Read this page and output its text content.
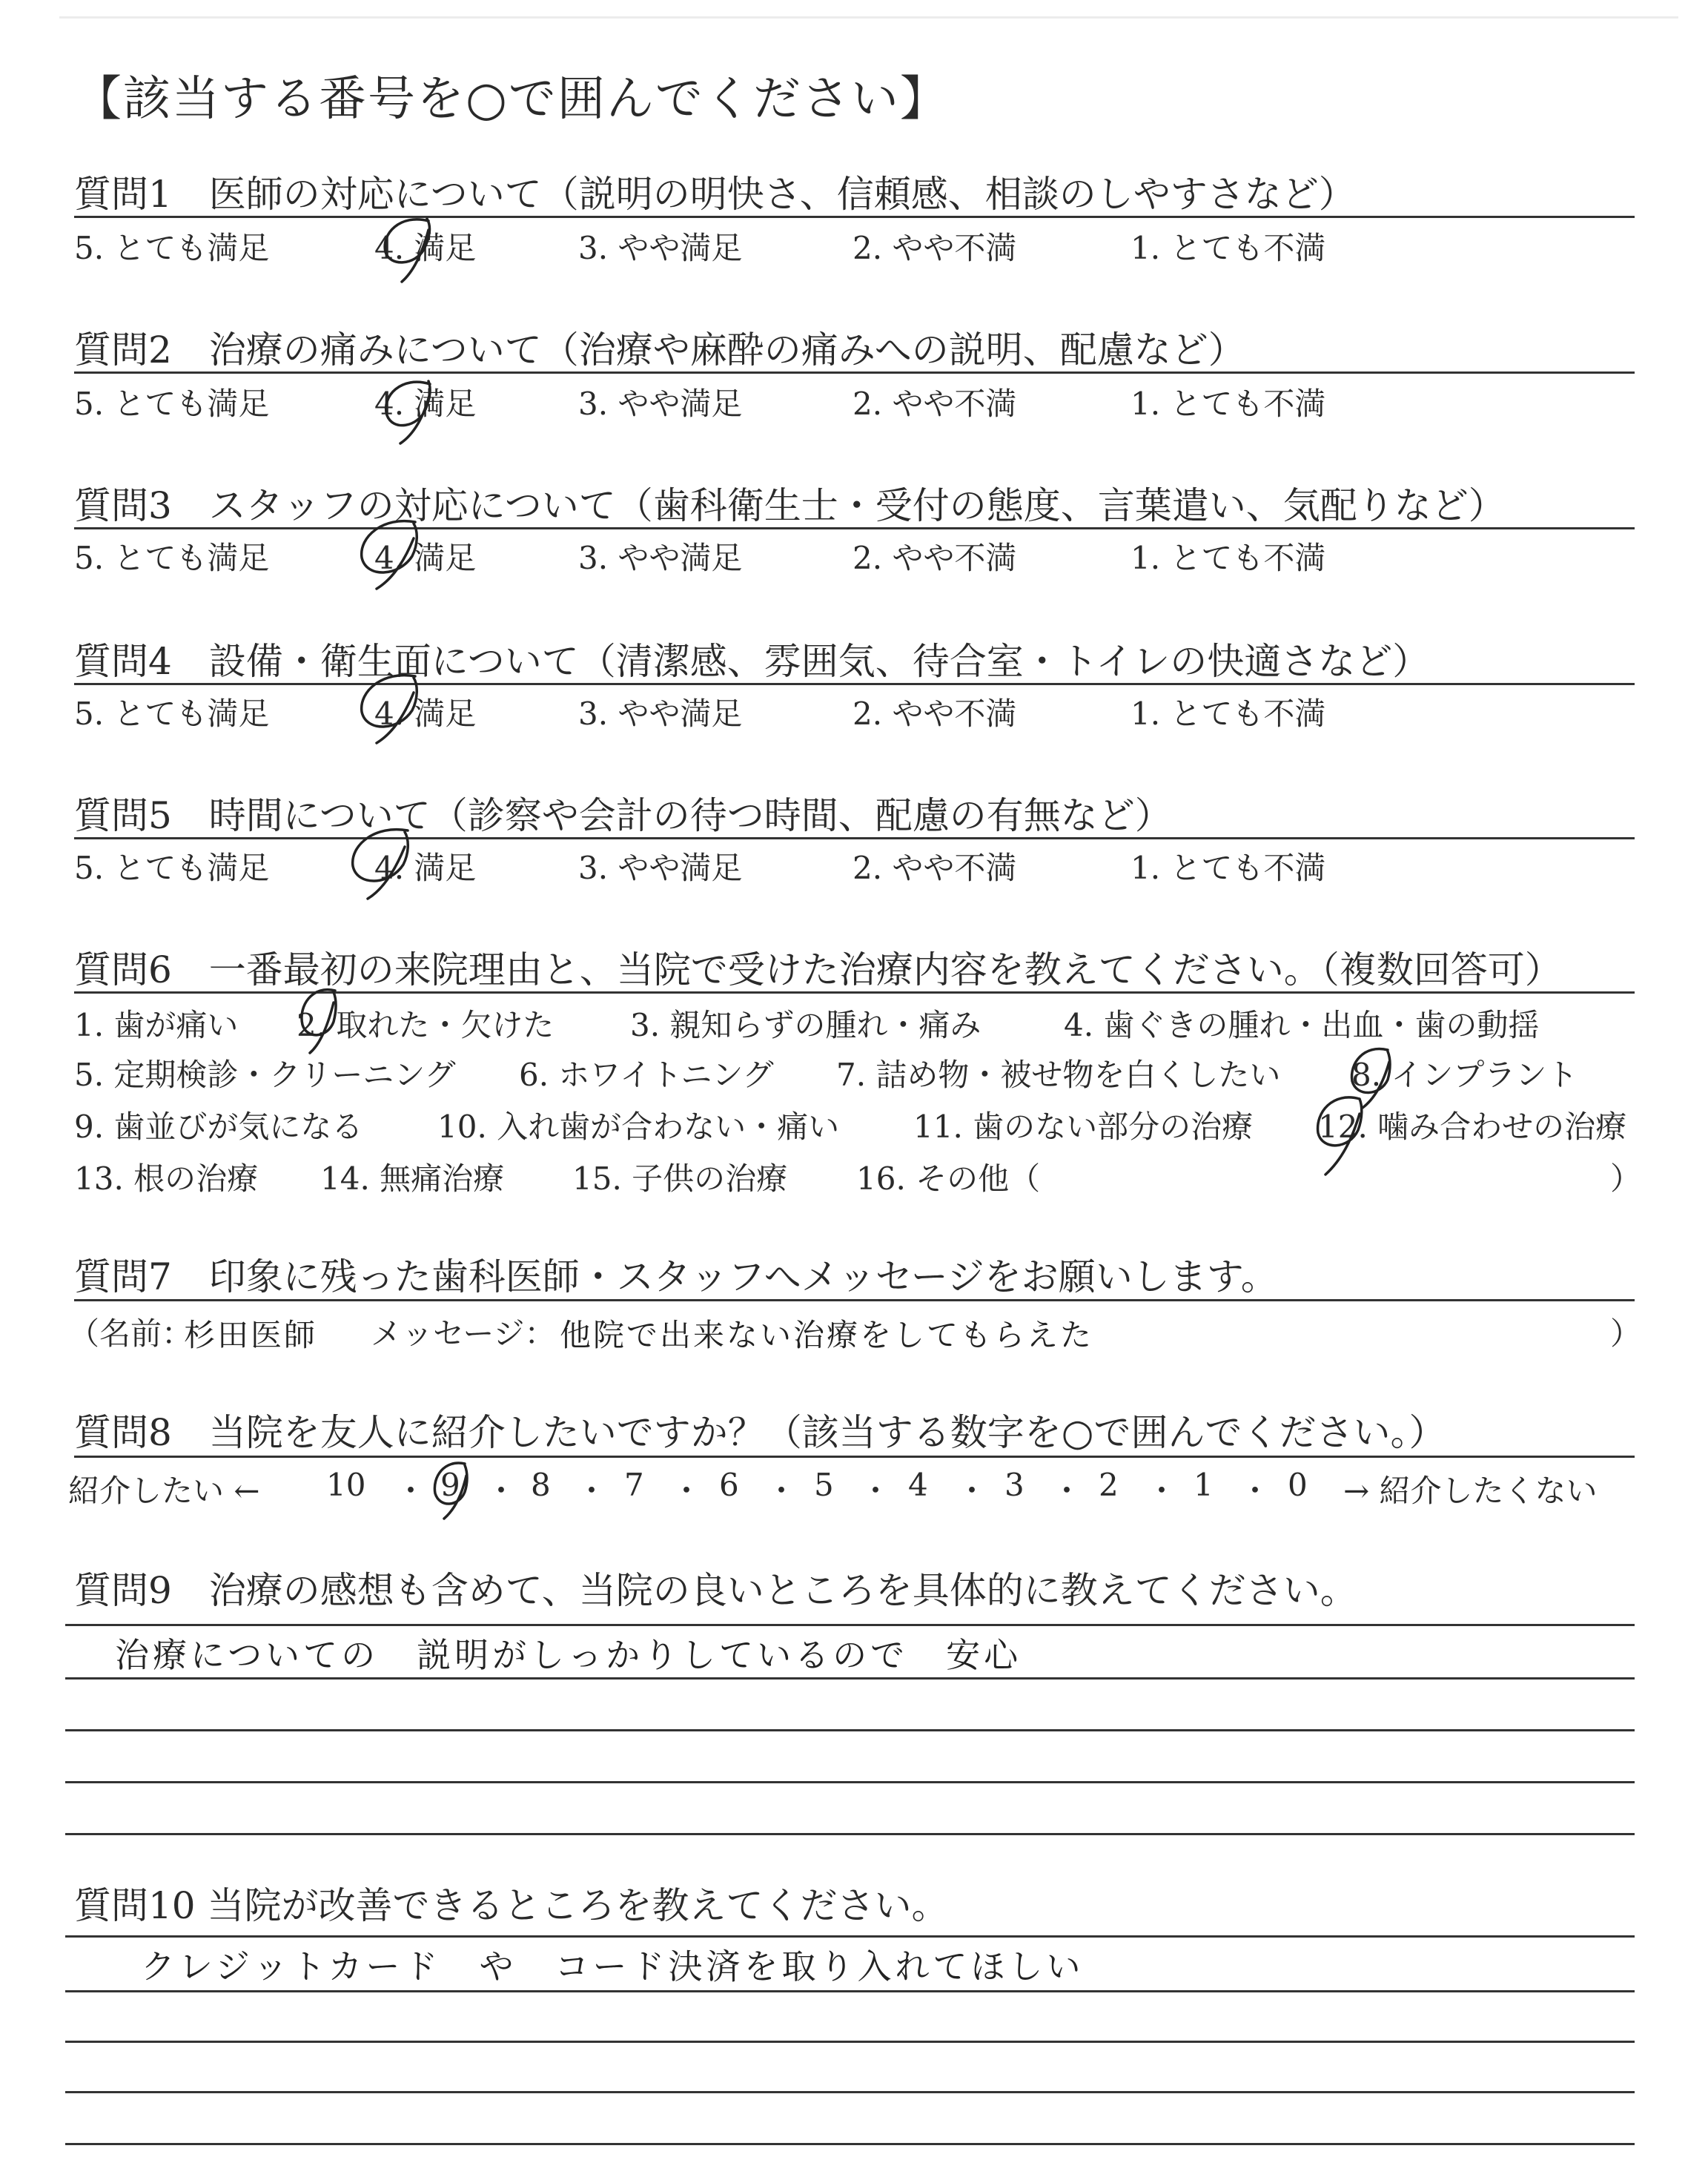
【該当する番号を○で囲んでください】
質問1　医師の対応について（説明の明快さ、信頼感、相談のしやすさなど）
5. とても満足	4. 満足	3. やや満足	2. やや不満	1. とても不満
質問2　治療の痛みについて（治療や麻酔の痛みへの説明、配慮など）
5. とても満足	4. 満足	3. やや満足	2. やや不満	1. とても不満
質問3　スタッフの対応について（歯科衛生士・受付の態度、言葉遣い、気配りなど）
5. とても満足	4. 満足	3. やや満足	2. やや不満	1. とても不満
質問4　設備・衛生面について（清潔感、雰囲気、待合室・トイレの快適さなど）
5. とても満足	4. 満足	3. やや満足	2. やや不満	1. とても不満
質問5　時間について（診察や会計の待つ時間、配慮の有無など）
5. とても満足	4. 満足	3. やや満足	2. やや不満	1. とても不満
質問6　一番最初の来院理由と、当院で受けた治療内容を教えてください。（複数回答可）
1. 歯が痛い 2. 取れた・欠けた 3. 親知らずの腫れ・痛み	4. 歯ぐきの腫れ・出血・歯の動揺
5. 定期検診・クリーニング 6. ホワイトニング 7. 詰め物・被せ物を白くしたい 8. インプラント
9. 歯並びが気になる 10. 入れ歯が合わない・痛い 11. 歯のない部分の治療 12. 噛み合わせの治療
13. 根の治療 14. 無痛治療 15. 子供の治療 16. その他（	）
質問7　印象に残った歯科医師・スタッフへメッセージをお願いします。
（名前：
杉田医師 メッセージ： 他院で出来ない治療をしてもらえた	）
質問8　当院を友人に紹介したいですか？（該当する数字を○で囲んでください。）
紹介したい ← 10 ・ 9 ・ 8 ・ 7 ・ 6 ・ 5 ・ 4 ・ 3 ・ 2 ・ 1 ・ 0 → 紹介したくない
質問9　治療の感想も含めて、当院の良いところを具体的に教えてください。
治療についての　説明がしっかりしているので　安心
質問10 当院が改善できるところを教えてください。
クレジットカード　や　コード決済を取り入れてほしい
